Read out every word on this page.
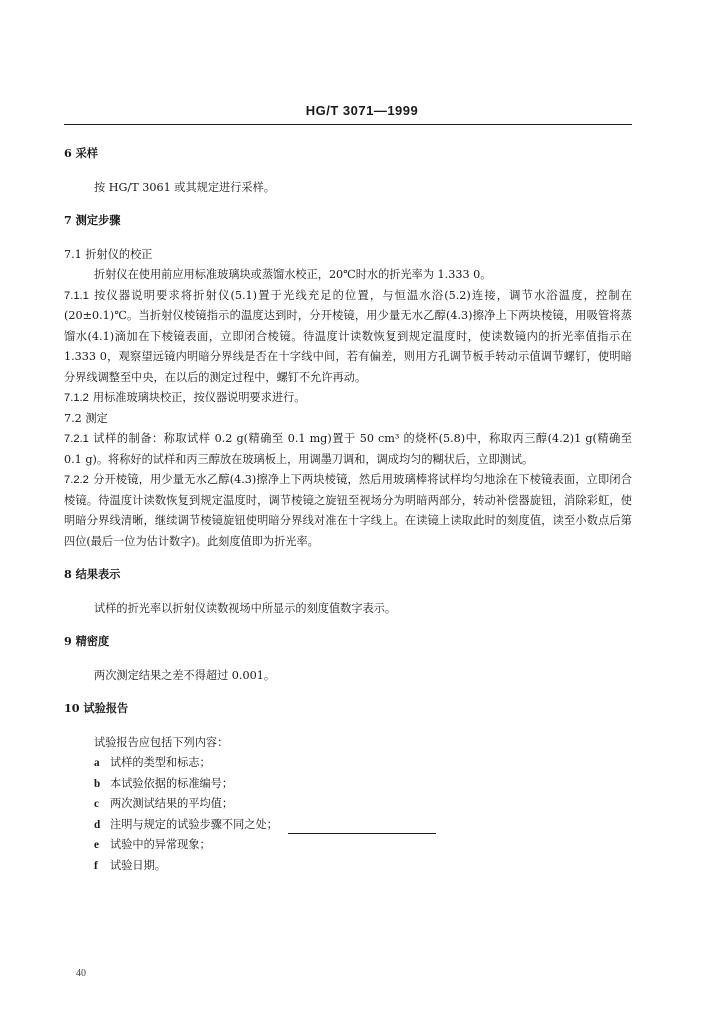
HG/T 3071—1999
6 采样
按 HG/T 3061 或其规定进行采样。
7 测定步骤
7.1 折射仪的校正
折射仪在使用前应用标准玻璃块或蒸馏水校正，20℃时水的折光率为 1.333 0。

7.1.1 按仪器说明要求将折射仪(5.1)置于光线充足的位置，与恒温水浴(5.2)连接，调节水浴温度，控制在(20±0.1)℃。当折射仪棱镜指示的温度达到时，分开棱镜，用少量无水乙醇(4.3)擦净上下两块棱镜，用吸管将蒸馏水(4.1)滴加在下棱镜表面，立即闭合棱镜。待温度计读数恢复到规定温度时，使读数镜内的折光率值指示在 1.333 0，观察望远镜内明暗分界线是否在十字线中间，若有偏差，则用方孔调节板手转动示值调节螺钉，使明暗分界线调整至中央，在以后的测定过程中，螺钉不允许再动。

7.1.2 用标准玻璃块校正，按仪器说明要求进行。

7.2 测定

7.2.1 试样的制备：称取试样 0.2 g(精确至 0.1 mg)置于 50 cm³ 的烧杯(5.8)中，称取丙三醇(4.2)1 g(精确至 0.1 g)。将称好的试样和丙三醇放在玻璃板上，用调墨刀调和，调成均匀的糊状后，立即测试。

7.2.2 分开棱镜，用少量无水乙醇(4.3)擦净上下两块棱镜，然后用玻璃棒将试样均匀地涂在下棱镜表面，立即闭合棱镜。待温度计读数恢复到规定温度时，调节棱镜之旋钮至视场分为明暗两部分，转动补偿器旋钮，消除彩虹，使明暗分界线清晰，继续调节棱镜旋钮使明暗分界线对准在十字线上。在读镜上读取此时的刻度值，读至小数点后第四位(最后一位为估计数字)。此刻度值即为折光率。

8 结果表示
试样的折光率以折射仪读数视场中所显示的刻度值数字表示。
9 精密度
两次测定结果之差不得超过 0.001。
10 试验报告
试验报告应包括下列内容：
a 试样的类型和标志；
b 本试验依据的标准编号；
c 两次测试结果的平均值；
d 注明与规定的试验步骤不同之处；
e 试验中的异常现象；
f 试验日期。
40
